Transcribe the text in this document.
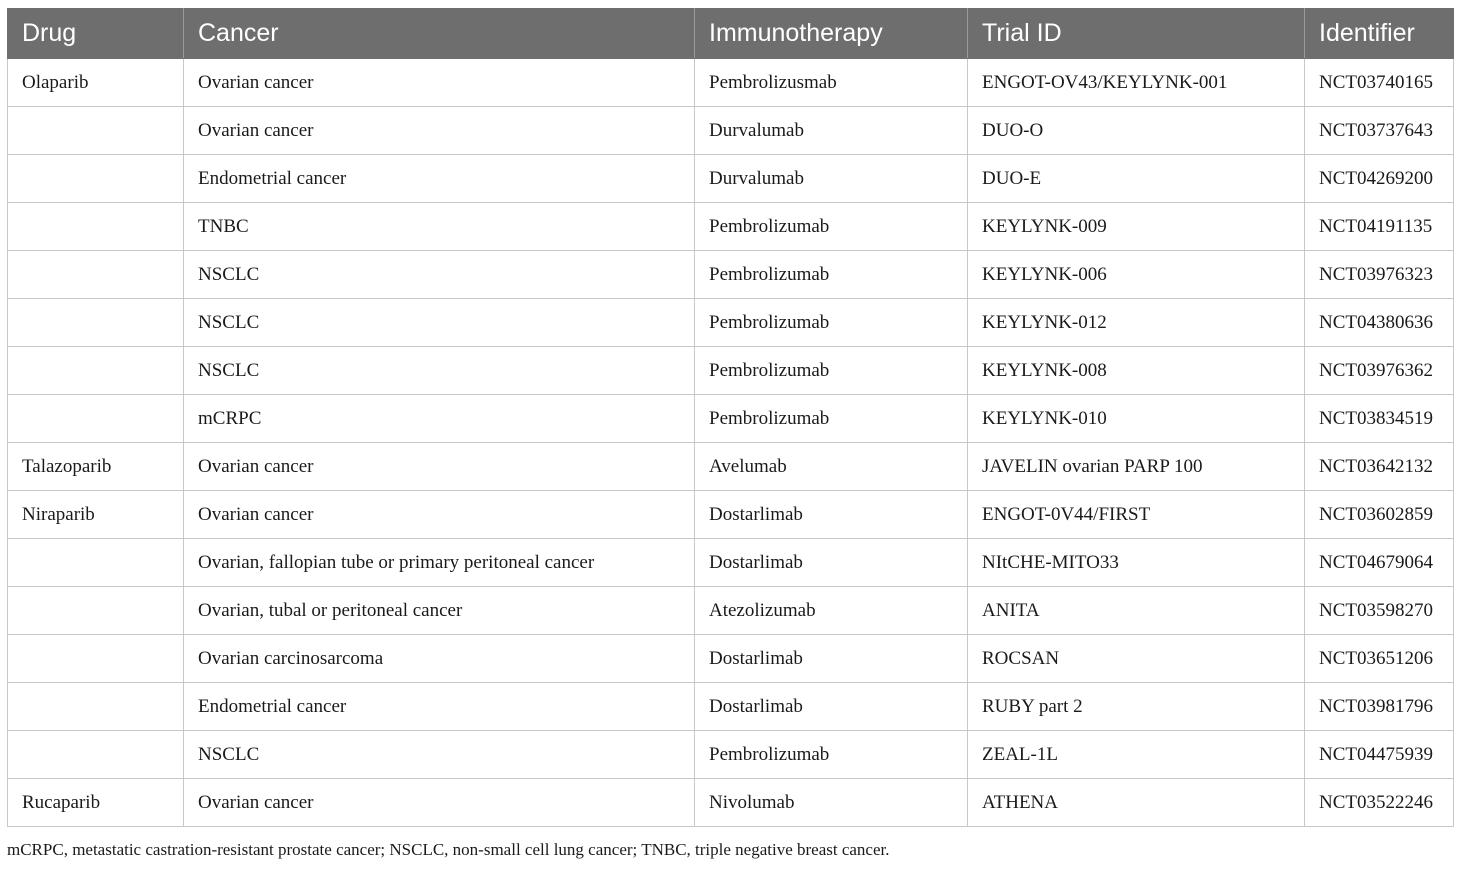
Drug	Cancer	Immunotherapy	Trial ID	Identifier
Olaparib	Ovarian cancer	Pembrolizusmab	ENGOT-OV43/KEYLYNK-001	NCT03740165
	Ovarian cancer	Durvalumab	DUO-O	NCT03737643
	Endometrial cancer	Durvalumab	DUO-E	NCT04269200
	TNBC	Pembrolizumab	KEYLYNK-009	NCT04191135
	NSCLC	Pembrolizumab	KEYLYNK-006	NCT03976323
	NSCLC	Pembrolizumab	KEYLYNK-012	NCT04380636
	NSCLC	Pembrolizumab	KEYLYNK-008	NCT03976362
	mCRPC	Pembrolizumab	KEYLYNK-010	NCT03834519
Talazoparib	Ovarian cancer	Avelumab	JAVELIN ovarian PARP 100	NCT03642132
Niraparib	Ovarian cancer	Dostarlimab	ENGOT-0V44/FIRST	NCT03602859
	Ovarian, fallopian tube or primary peritoneal cancer	Dostarlimab	NItCHE-MITO33	NCT04679064
	Ovarian, tubal or peritoneal cancer	Atezolizumab	ANITA	NCT03598270
	Ovarian carcinosarcoma	Dostarlimab	ROCSAN	NCT03651206
	Endometrial cancer	Dostarlimab	RUBY part 2	NCT03981796
	NSCLC	Pembrolizumab	ZEAL-1L	NCT04475939
Rucaparib	Ovarian cancer	Nivolumab	ATHENA	NCT03522246
mCRPC, metastatic castration-resistant prostate cancer; NSCLC, non-small cell lung cancer; TNBC, triple negative breast cancer.
